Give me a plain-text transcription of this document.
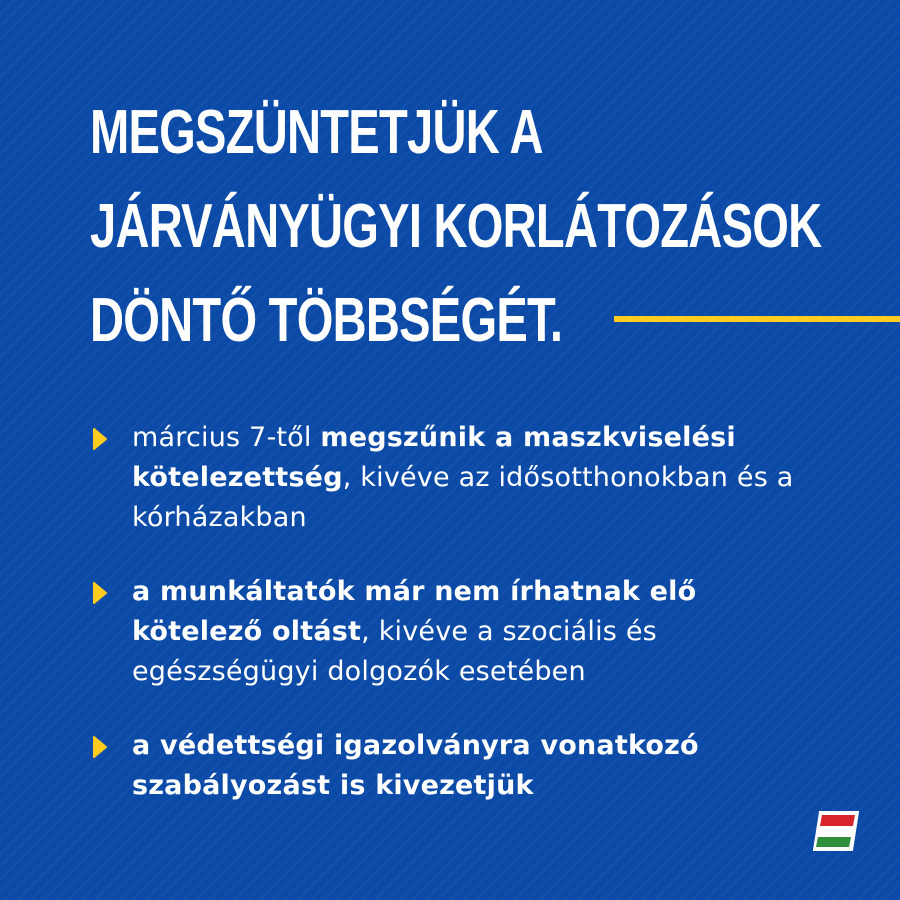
MEGSZÜNTETJÜK A
JÁRVÁNYÜGYI KORLÁTOZÁSOK
DÖNTŐ TÖBBSÉGÉT.
március 7-től megszűnik a maszkviselési kötelezettség, kivéve az idősotthonokban és a kórházakban
a munkáltatók már nem írhatnak elő kötelező oltást, kivéve a szociális és egészségügyi dolgozók esetében
a védettségi igazolványra vonatkozó szabályozást is kivezetjük
